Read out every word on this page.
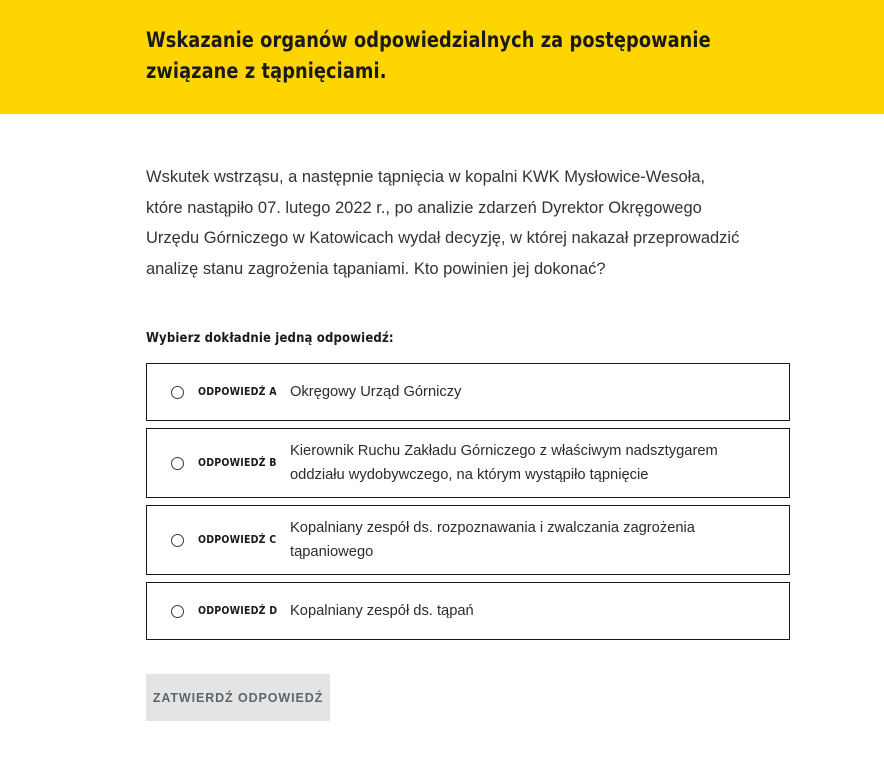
Wskazanie organów odpowiedzialnych za postępowanie związane z tąpnięciami.

Wskutek wstrząsu, a następnie tąpnięcia w kopalni KWK Mysłowice-Wesoła, które nastąpiło 07. lutego 2022 r., po analizie zdarzeń Dyrektor Okręgowego Urzędu Górniczego w Katowicach wydał decyzję, w której nakazał przeprowadzić analizę stanu zagrożenia tąpaniami. Kto powinien jej dokonać?

Wybierz dokładnie jedną odpowiedź:

ODPOWIEDŹ A Okręgowy Urząd Górniczy
ODPOWIEDŹ B
Kierownik Ruchu Zakładu Górniczego z właściwym nadsztygarem oddziału wydobywczego, na którym wystąpiło tąpnięcie
ODPOWIEDŹ C
Kopalniany zespół ds. rozpoznawania i zwalczania zagrożenia tąpaniowego
ODPOWIEDŹ D Kopalniany zespół ds. tąpań
ZATWIERDŹ ODPOWIEDŹ
